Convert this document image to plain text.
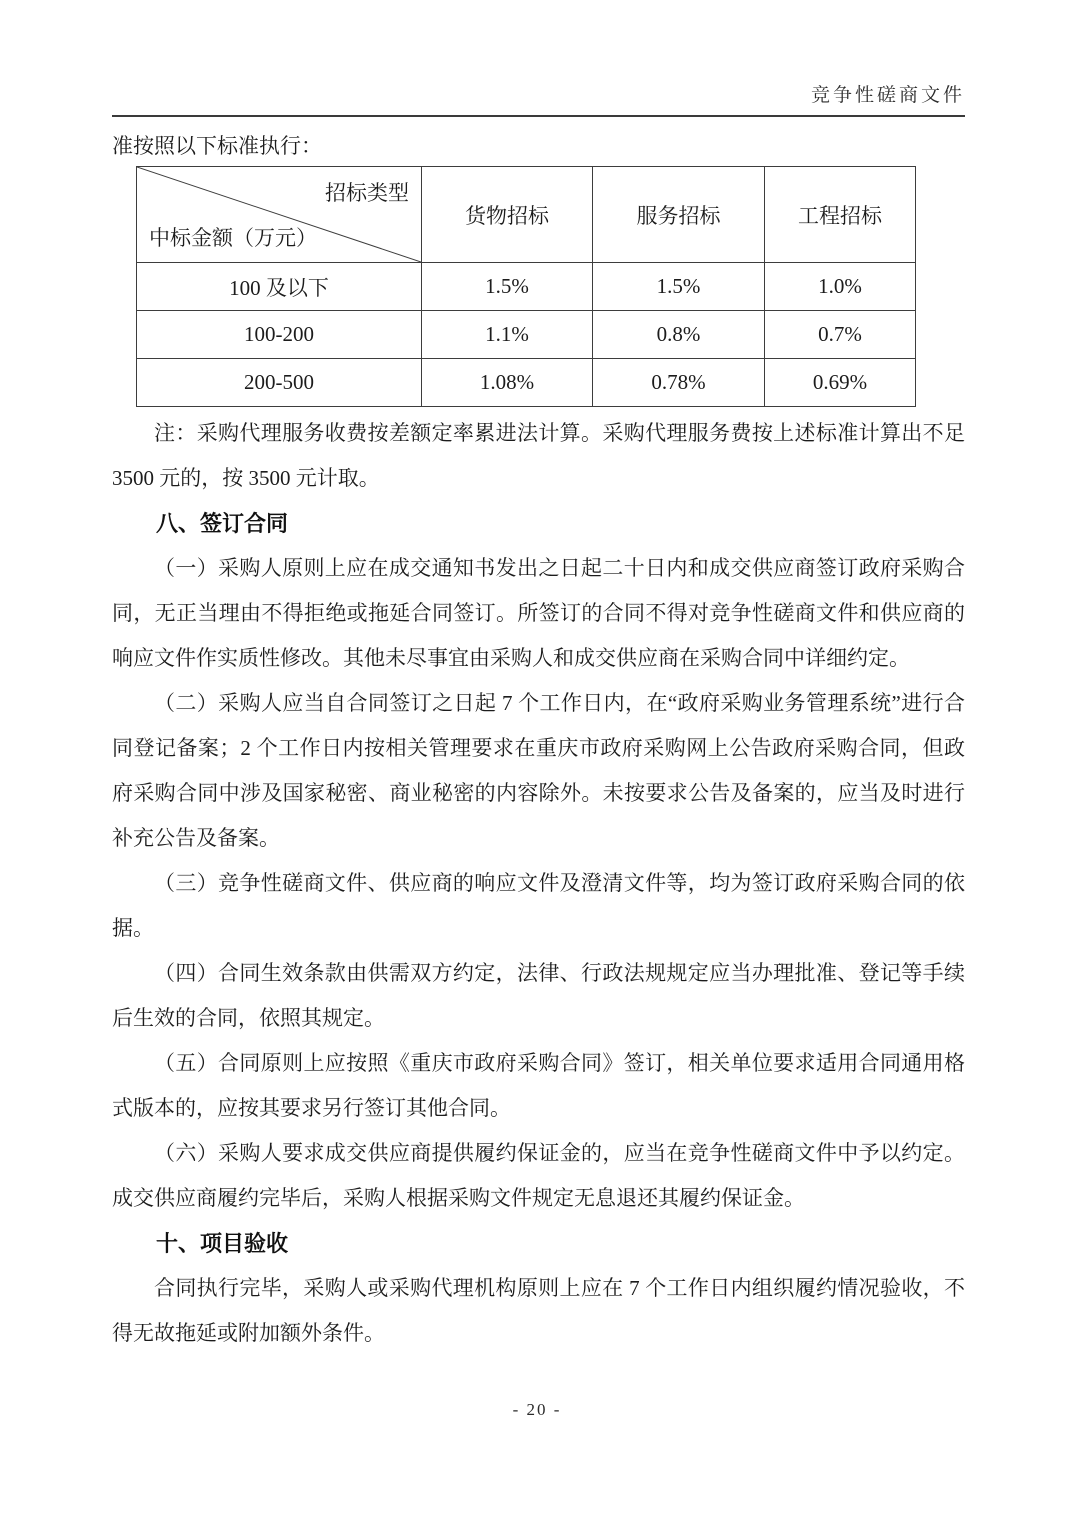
竞争性磋商文件

准按照以下标准执行：

招标类型
中标金额（万元）	货物招标	服务招标	工程招标
100 及以下	1.5%	1.5%	1.0%
100-200	1.1%	0.8%	0.7%
200-500	1.08%	0.78%	0.69%

注：采购代理服务收费按差额定率累进法计算。采购代理服务费按上述标准计算出不足 3500 元的，按 3500 元计取。

八、签订合同

（一）采购人原则上应在成交通知书发出之日起二十日内和成交供应商签订政府采购合同，无正当理由不得拒绝或拖延合同签订。所签订的合同不得对竞争性磋商文件和供应商的响应文件作实质性修改。其他未尽事宜由采购人和成交供应商在采购合同中详细约定。

（二）采购人应当自合同签订之日起 7 个工作日内，在“政府采购业务管理系统”进行合同登记备案；2 个工作日内按相关管理要求在重庆市政府采购网上公告政府采购合同，但政府采购合同中涉及国家秘密、商业秘密的内容除外。未按要求公告及备案的，应当及时进行补充公告及备案。

（三）竞争性磋商文件、供应商的响应文件及澄清文件等，均为签订政府采购合同的依据。

（四）合同生效条款由供需双方约定，法律、行政法规规定应当办理批准、登记等手续后生效的合同，依照其规定。

（五）合同原则上应按照《重庆市政府采购合同》签订，相关单位要求适用合同通用格式版本的，应按其要求另行签订其他合同。

（六）采购人要求成交供应商提供履约保证金的，应当在竞争性磋商文件中予以约定。成交供应商履约完毕后，采购人根据采购文件规定无息退还其履约保证金。

十、项目验收

合同执行完毕，采购人或采购代理机构原则上应在 7 个工作日内组织履约情况验收，不得无故拖延或附加额外条件。

- 20 -
